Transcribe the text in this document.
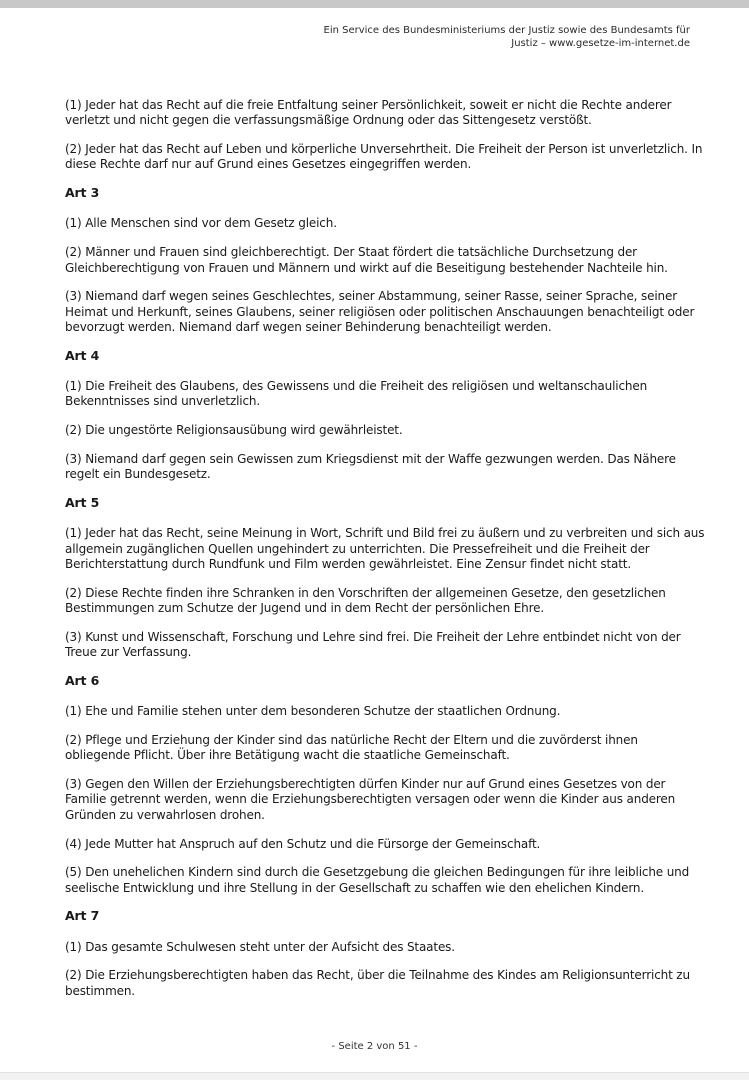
Ein Service des Bundesministeriums der Justiz sowie des Bundesamts für
Justiz – www.gesetze-im-internet.de
(1) Jeder hat das Recht auf die freie Entfaltung seiner Persönlichkeit, soweit er nicht die Rechte anderer verletzt und nicht gegen die verfassungsmäßige Ordnung oder das Sittengesetz verstößt.
(2) Jeder hat das Recht auf Leben und körperliche Unversehrtheit. Die Freiheit der Person ist unverletzlich. In diese Rechte darf nur auf Grund eines Gesetzes eingegriffen werden.
Art 3
(1) Alle Menschen sind vor dem Gesetz gleich.
(2) Männer und Frauen sind gleichberechtigt. Der Staat fördert die tatsächliche Durchsetzung der Gleichberechtigung von Frauen und Männern und wirkt auf die Beseitigung bestehender Nachteile hin.
(3) Niemand darf wegen seines Geschlechtes, seiner Abstammung, seiner Rasse, seiner Sprache, seiner Heimat und Herkunft, seines Glaubens, seiner religiösen oder politischen Anschauungen benachteiligt oder bevorzugt werden. Niemand darf wegen seiner Behinderung benachteiligt werden.
Art 4
(1) Die Freiheit des Glaubens, des Gewissens und die Freiheit des religiösen und weltanschaulichen Bekenntnisses sind unverletzlich.
(2) Die ungestörte Religionsausübung wird gewährleistet.
(3) Niemand darf gegen sein Gewissen zum Kriegsdienst mit der Waffe gezwungen werden. Das Nähere regelt ein Bundesgesetz.
Art 5
(1) Jeder hat das Recht, seine Meinung in Wort, Schrift und Bild frei zu äußern und zu verbreiten und sich aus allgemein zugänglichen Quellen ungehindert zu unterrichten. Die Pressefreiheit und die Freiheit der Berichterstattung durch Rundfunk und Film werden gewährleistet. Eine Zensur findet nicht statt.
(2) Diese Rechte finden ihre Schranken in den Vorschriften der allgemeinen Gesetze, den gesetzlichen Bestimmungen zum Schutze der Jugend und in dem Recht der persönlichen Ehre.
(3) Kunst und Wissenschaft, Forschung und Lehre sind frei. Die Freiheit der Lehre entbindet nicht von der Treue zur Verfassung.
Art 6
(1) Ehe und Familie stehen unter dem besonderen Schutze der staatlichen Ordnung.
(2) Pflege und Erziehung der Kinder sind das natürliche Recht der Eltern und die zuvörderst ihnen obliegende Pflicht. Über ihre Betätigung wacht die staatliche Gemeinschaft.
(3) Gegen den Willen der Erziehungsberechtigten dürfen Kinder nur auf Grund eines Gesetzes von der Familie getrennt werden, wenn die Erziehungsberechtigten versagen oder wenn die Kinder aus anderen Gründen zu verwahrlosen drohen.
(4) Jede Mutter hat Anspruch auf den Schutz und die Fürsorge der Gemeinschaft.
(5) Den unehelichen Kindern sind durch die Gesetzgebung die gleichen Bedingungen für ihre leibliche und seelische Entwicklung und ihre Stellung in der Gesellschaft zu schaffen wie den ehelichen Kindern.
Art 7
(1) Das gesamte Schulwesen steht unter der Aufsicht des Staates.
(2) Die Erziehungsberechtigten haben das Recht, über die Teilnahme des Kindes am Religionsunterricht zu bestimmen.
- Seite 2 von 51 -
